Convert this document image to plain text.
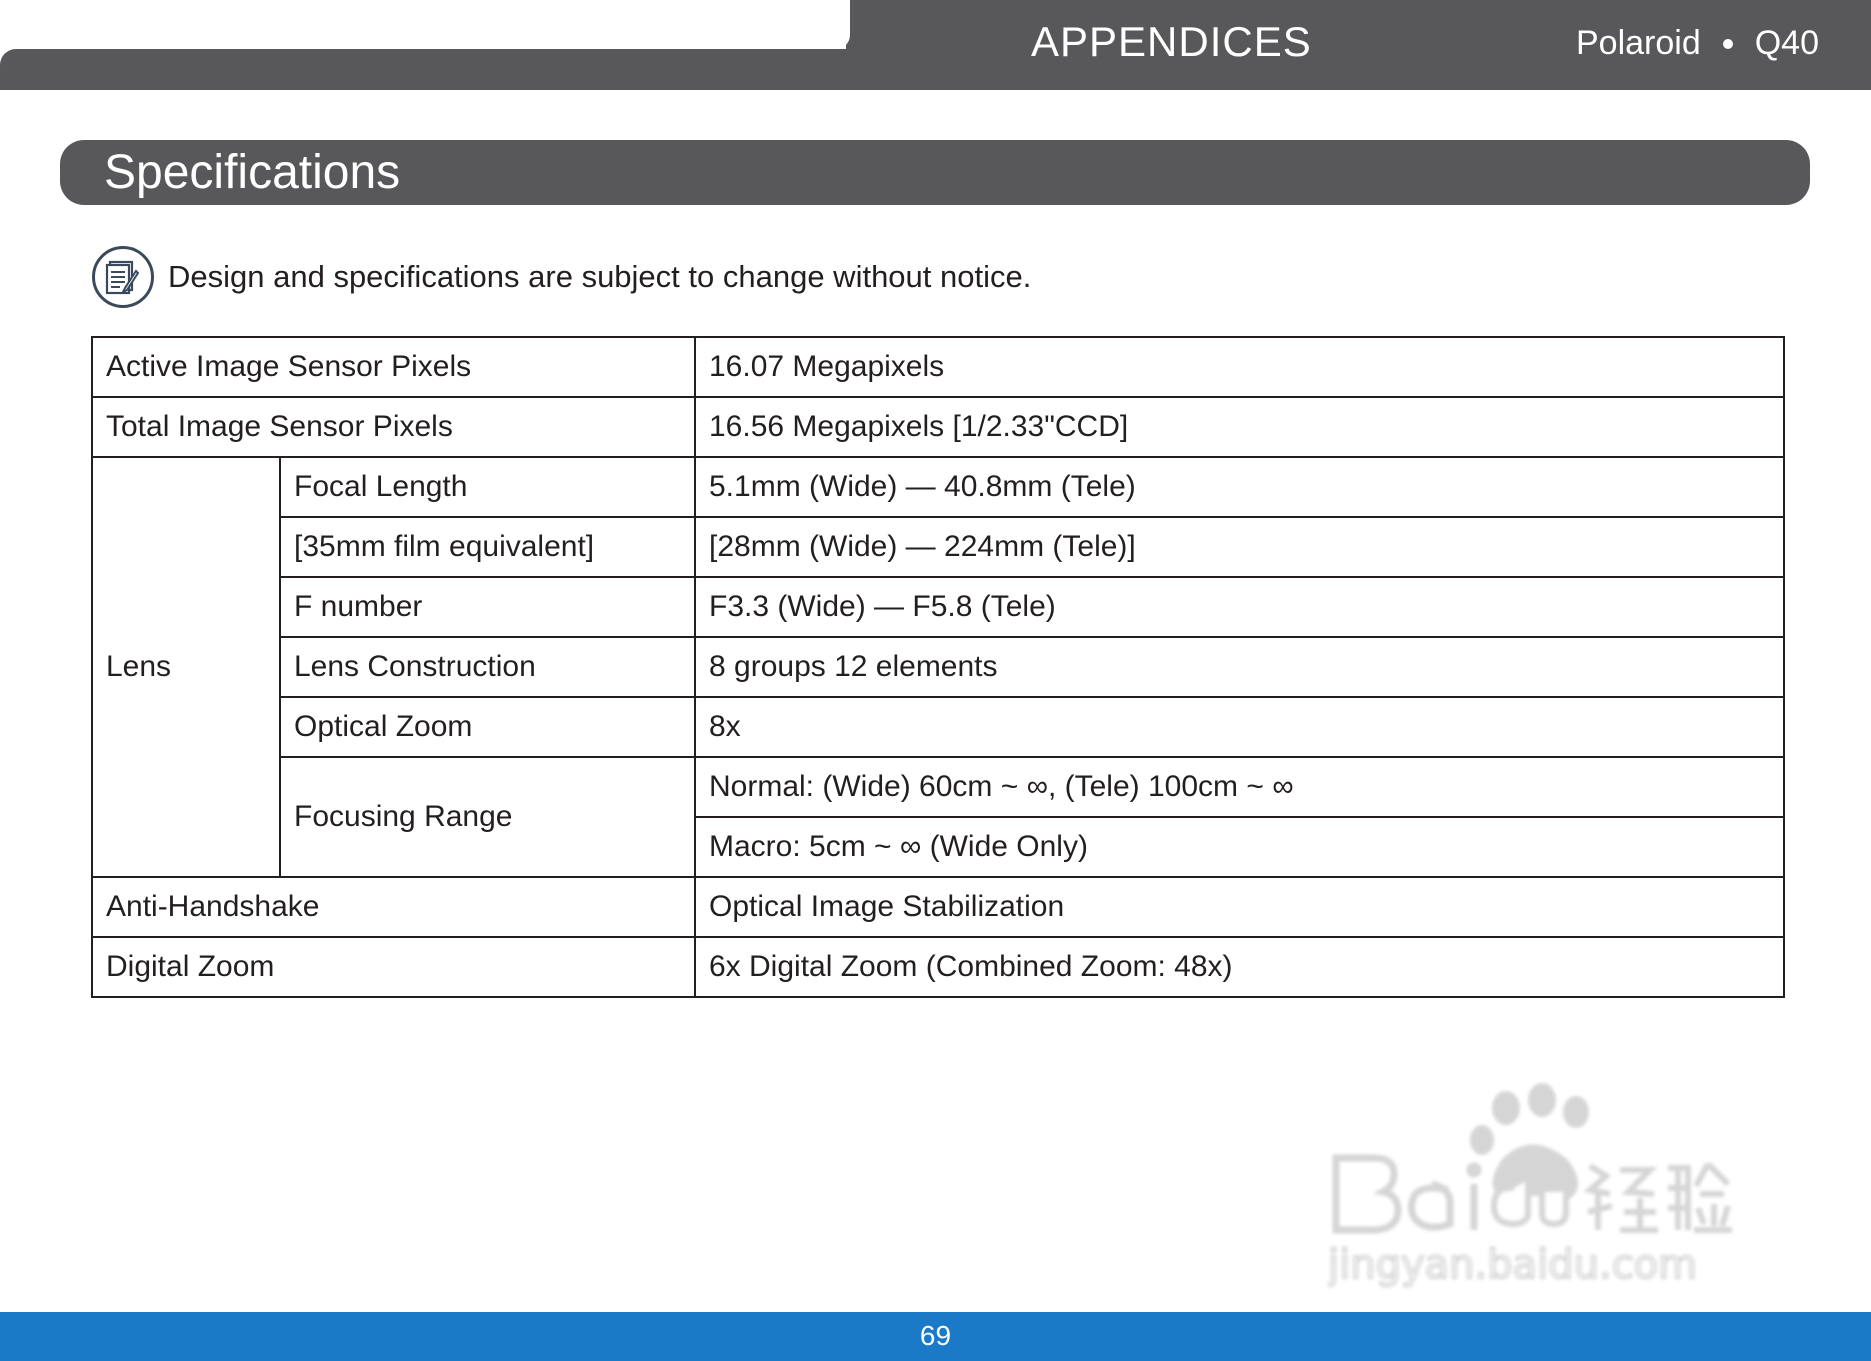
APPENDICES	Polaroid Q40
Specifications
Design and specifications are subject to change without notice.
Active Image Sensor Pixels		16.07 Megapixels
Total Image Sensor Pixels		16.56 Megapixels [1/2.33"CCD]
Lens	Focal Length	5.1mm (Wide) — 40.8mm (Tele)
	[35mm film equivalent]	[28mm (Wide) — 224mm (Tele)]
	F number	F3.3 (Wide) — F5.8 (Tele)
	Lens Construction	8 groups 12 elements
	Optical Zoom	8x
	Focusing Range	Normal: (Wide) 60cm ~ ∞, (Tele) 100cm ~ ∞
		Macro: 5cm ~ ∞ (Wide Only)
Anti-Handshake		Optical Image Stabilization
Digital Zoom		6x Digital Zoom (Combined Zoom: 48x)
jingyan.baidu.com
69
